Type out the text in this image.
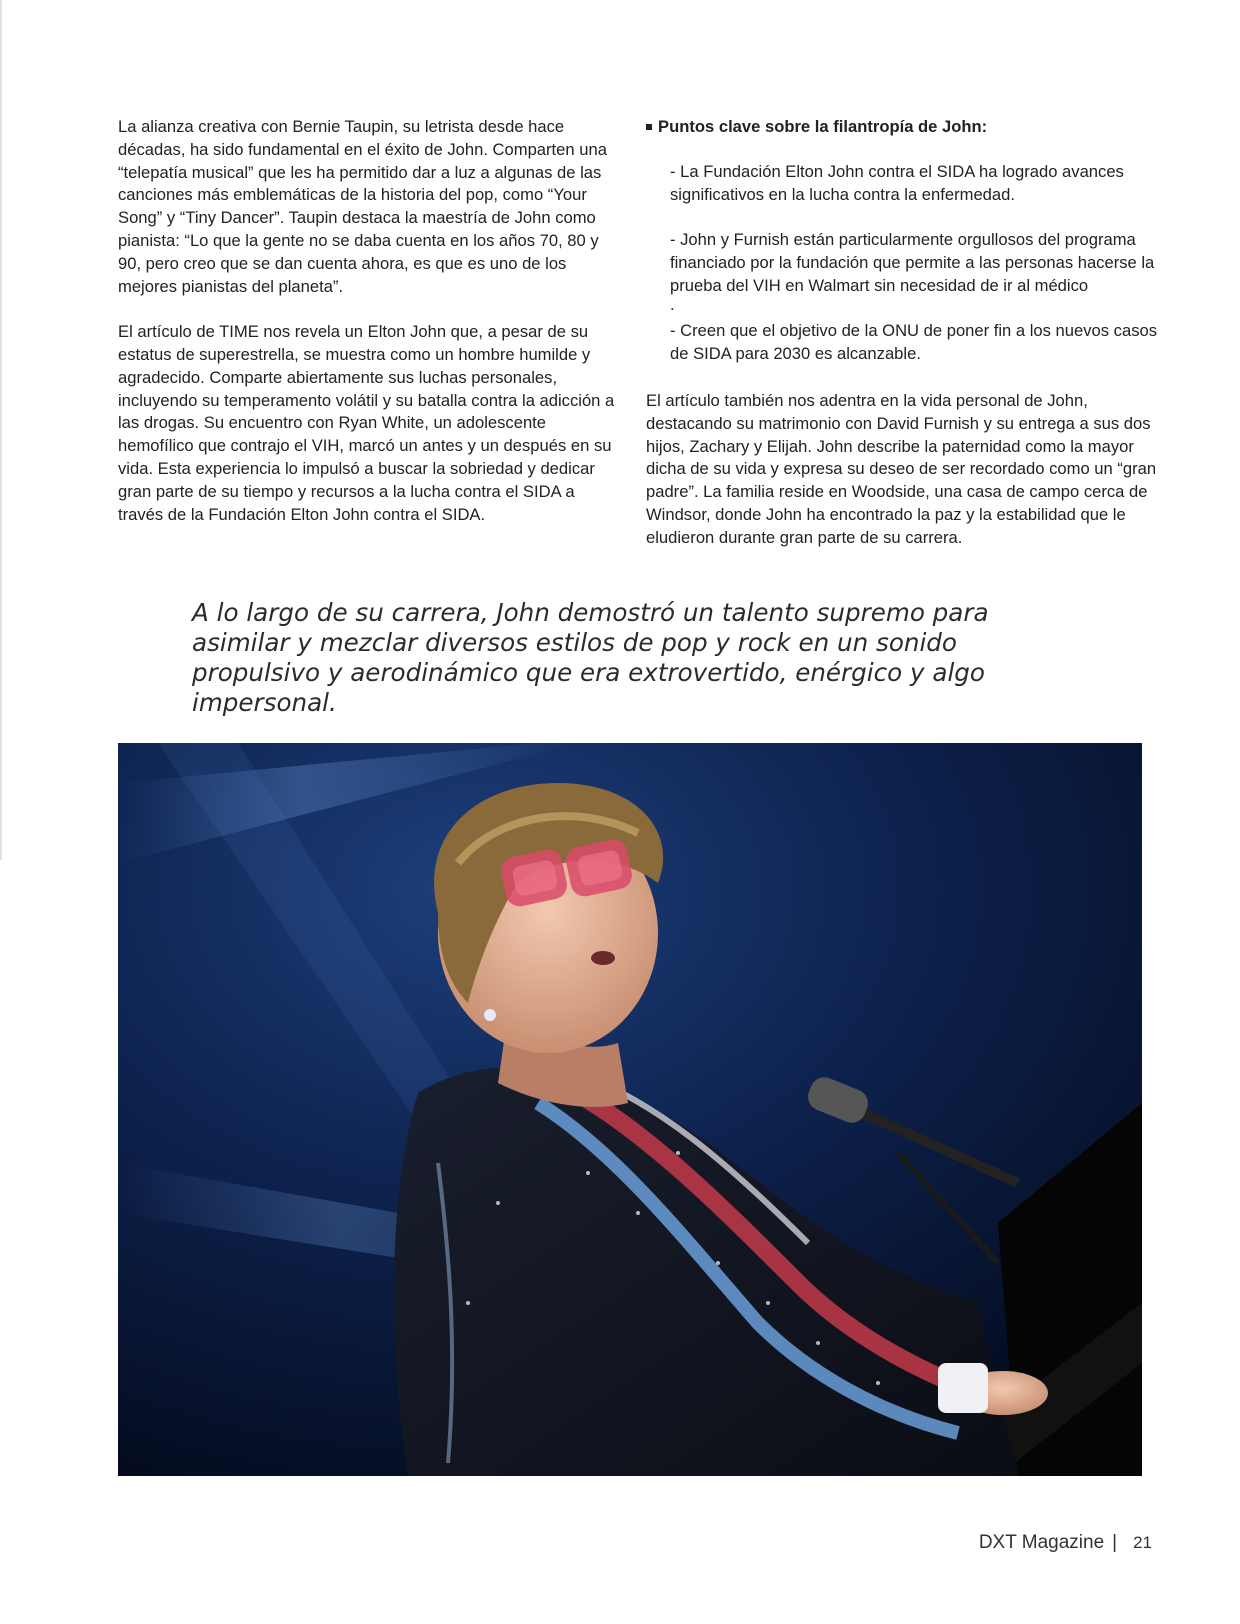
La alianza creativa con Bernie Taupin, su letrista desde hace décadas, ha sido fundamental en el éxito de John. Comparten una “telepatía musical” que les ha permitido dar a luz a algunas de las canciones más emblemáticas de la historia del pop, como “Your Song” y “Tiny Dancer”. Taupin destaca la maestría de John como pianista: “Lo que la gente no se daba cuenta en los años 70, 80 y 90, pero creo que se dan cuenta ahora, es que es uno de los mejores pianistas del planeta”.

El artículo de TIME nos revela un Elton John que, a pesar de su estatus de superestrella, se muestra como un hombre humilde y agradecido. Comparte abiertamente sus luchas personales, incluyendo su temperamento volátil y su batalla contra la adicción a las drogas. Su encuentro con Ryan White, un adolescente hemofílico que contrajo el VIH, marcó un antes y un después en su vida. Esta experiencia lo impulsó a buscar la sobriedad y dedicar gran parte de su tiempo y recursos a la lucha contra el SIDA a través de la Fundación Elton John contra el SIDA.

Puntos clave sobre la filantropía de John:
- La Fundación Elton John contra el SIDA ha logrado avances significativos en la lucha contra la enfermedad.
- John y Furnish están particularmente orgullosos del programa financiado por la fundación que permite a las personas hacerse la prueba del VIH en Walmart sin necesidad de ir al médico
.
- Creen que el objetivo de la ONU de poner fin a los nuevos casos de SIDA para 2030 es alcanzable.

El artículo también nos adentra en la vida personal de John, destacando su matrimonio con David Furnish y su entrega a sus dos hijos, Zachary y Elijah. John describe la paternidad como la mayor dicha de su vida y expresa su deseo de ser recordado como un “gran padre”. La familia reside en Woodside, una casa de campo cerca de Windsor, donde John ha encontrado la paz y la estabilidad que le eludieron durante gran parte de su carrera.

A lo largo de su carrera, John demostró un talento supremo para asimilar y mezclar diversos estilos de pop y rock en un sonido propulsivo y aerodinámico que era extrovertido, enérgico y algo impersonal.

DXT Magazine | 21
